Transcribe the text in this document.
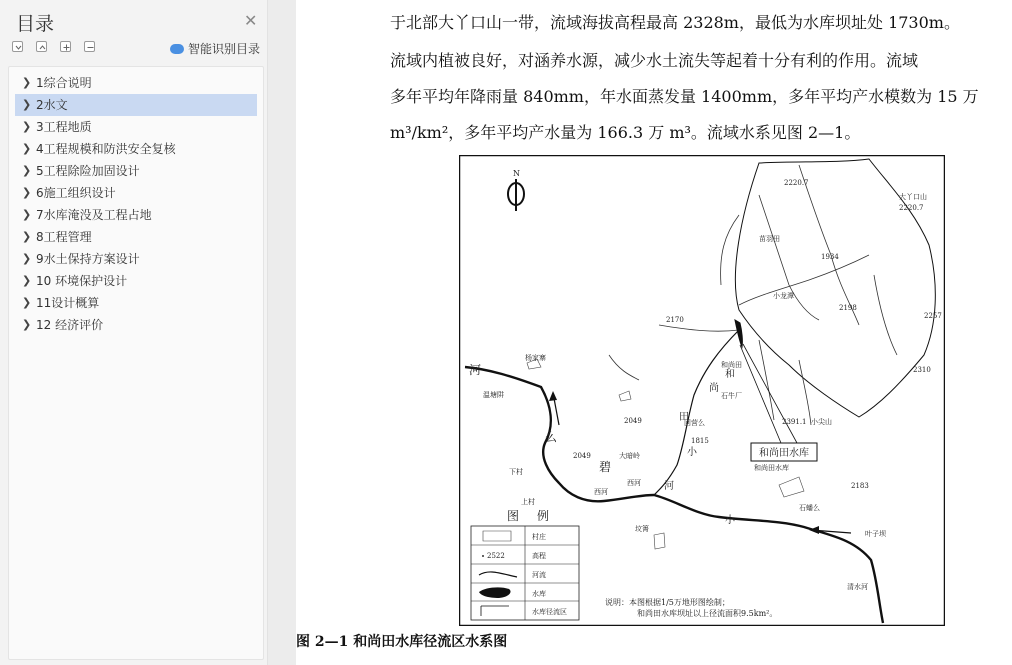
目录	✕
智能识别目录
❯ 1综合说明
❯ 2水文
❯ 3工程地质
❯ 4工程规模和防洪安全复核
❯ 5工程除险加固设计
❯ 6施工组织设计
❯ 7水库淹没及工程占地
❯ 8工程管理
❯ 9水土保持方案设计
❯ 10 环境保护设计
❯ 11设计概算
❯ 12 经济评价
于北部大丫口山一带，流域海拔高程最高 2328m，最低为水库坝址处 1730m。
流域内植被良好，对涵养水源，减少水土流失等起着十分有利的作用。流域
多年平均年降雨量 840mm，年水面蒸发量 1400mm，多年平均产水模数为 15 万
m³/km²，多年平均产水量为 166.3 万 m³。流域水系见图 2—1。
N
和尚田水库
2220.7
大丫口山
2220.7
苗羽田
1934
小龙潭
2198
2257
2170
和尚田
2310
河
杨家寨
温塘阱
和
尚
石牛厂
2049	田	2391.1 小尖山
回营么
1815
么
2049	大暗岭	小
碧
下村
西河 河	2183
上村
西河
石蟠么
小
叶子坝
坟箐
清水河
和尚田水库
图 例
2522
村庄
高程
河流
水库
水库径流区
说明：本图根据1/5万地形图绘制；
和尚田水库坝址以上径流面积9.5km²。
图 2—1 和尚田水库径流区水系图
